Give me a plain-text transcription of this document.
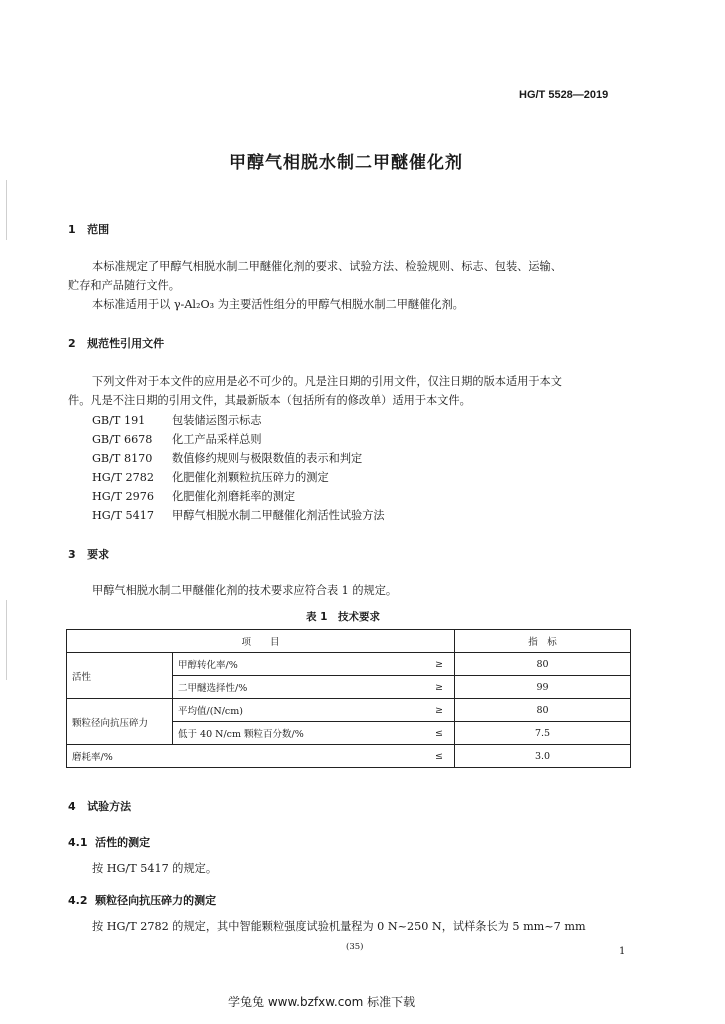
HG/T 5528—2019
甲醇气相脱水制二甲醚催化剂
1 范围
本标准规定了甲醇气相脱水制二甲醚催化剂的要求、试验方法、检验规则、标志、包装、运输、
贮存和产品随行文件。
本标准适用于以 γ-Al₂O₃ 为主要活性组分的甲醇气相脱水制二甲醚催化剂。
2 规范性引用文件
下列文件对于本文件的应用是必不可少的。凡是注日期的引用文件，仅注日期的版本适用于本文
件。凡是不注日期的引用文件，其最新版本（包括所有的修改单）适用于本文件。
GB/T 191 包装储运图示标志
GB/T 6678 化工产品采样总则
GB/T 8170 数值修约规则与极限数值的表示和判定
HG/T 2782 化肥催化剂颗粒抗压碎力的测定
HG/T 2976 化肥催化剂磨耗率的测定
HG/T 5417 甲醇气相脱水制二甲醚催化剂活性试验方法
3 要求
甲醇气相脱水制二甲醚催化剂的技术要求应符合表 1 的规定。
表 1　技术要求
项　　目			指　标
活性	甲醇转化率/%	≥	80
	二甲醚选择性/%	≥	99
颗粒径向抗压碎力	平均值/(N/cm)	≥	80
	低于 40 N/cm 颗粒百分数/%	≤	7.5
磨耗率/%		≤	3.0
4 试验方法
4.1 活性的测定
按 HG/T 5417 的规定。
4.2 颗粒径向抗压碎力的测定
按 HG/T 2782 的规定，其中智能颗粒强度试验机量程为 0 N~250 N，试样条长为 5 mm~7 mm
(35)	1
学兔兔 www.bzfxw.com 标准下载
